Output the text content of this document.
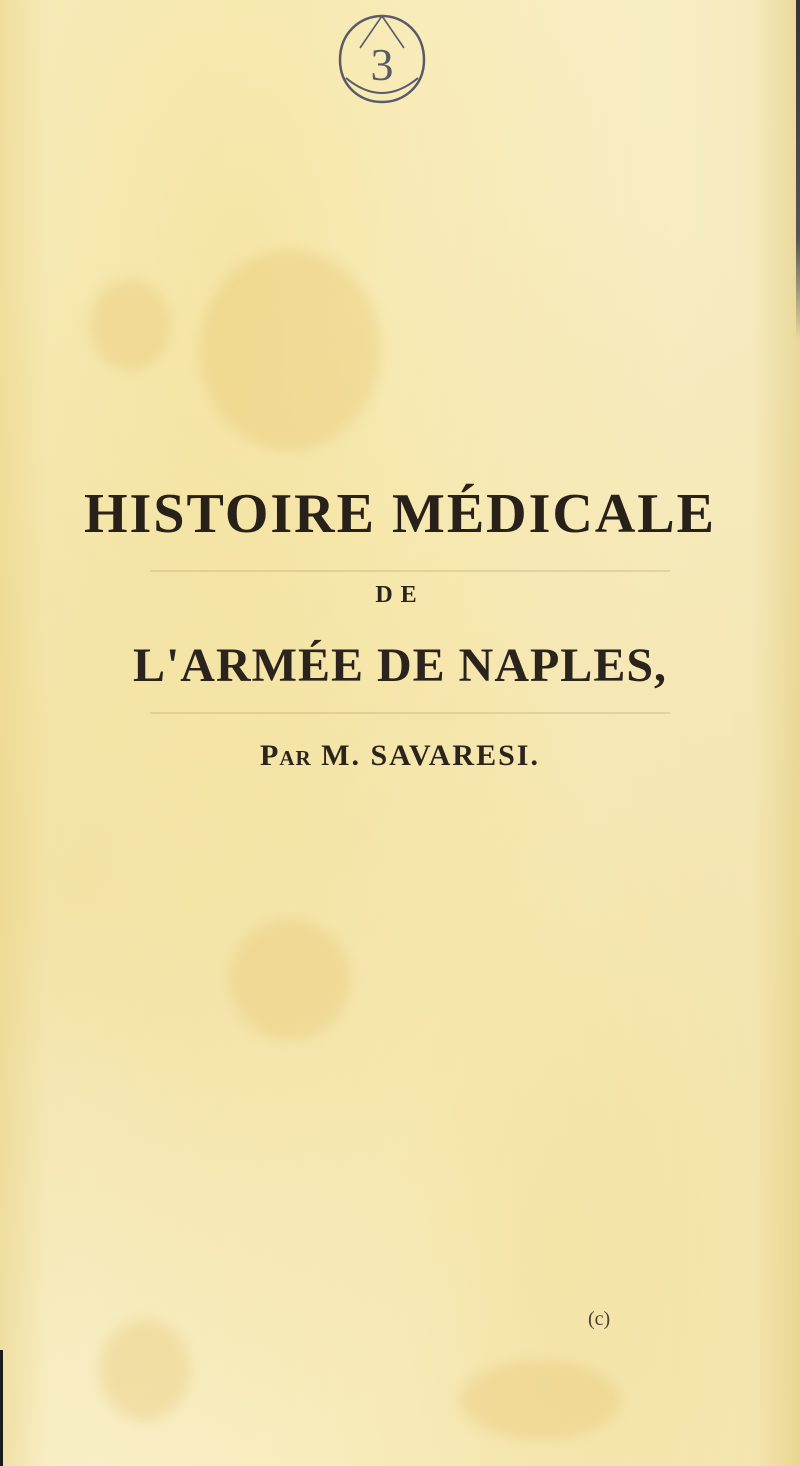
3
HISTOIRE MÉDICALE
DE
L'ARMÉE DE NAPLES,
Par M. SAVARESI.
(c)
